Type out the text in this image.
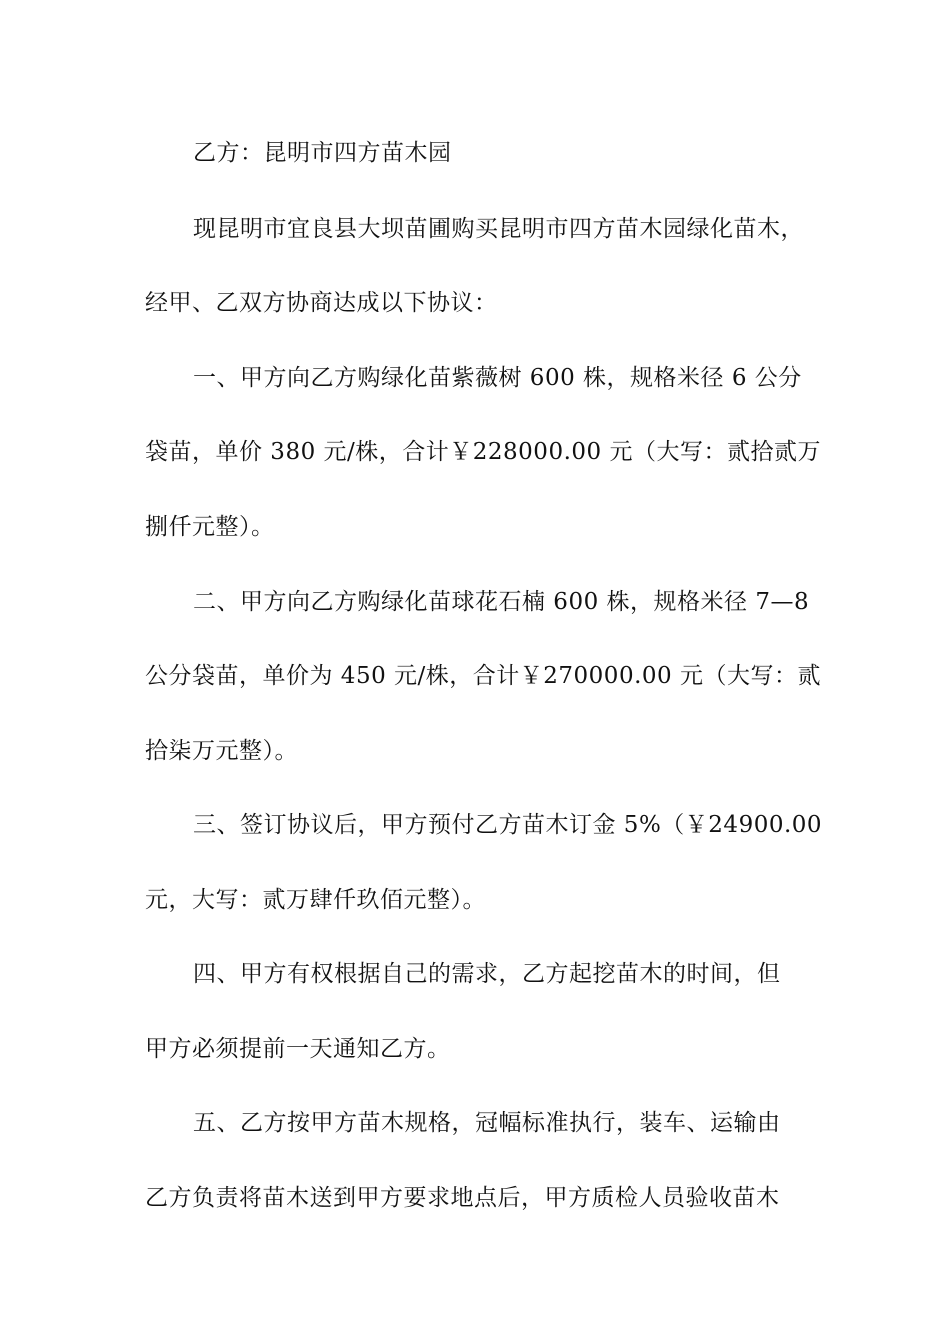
乙方：昆明市四方苗木园
现昆明市宜良县大坝苗圃购买昆明市四方苗木园绿化苗木，
经甲、乙双方协商达成以下协议：
一、甲方向乙方购绿化苗紫薇树 600 株，规格米径 6 公分
袋苗，单价 380 元/株，合计￥228000.00 元（大写：贰拾贰万
捌仟元整）。
二、甲方向乙方购绿化苗球花石楠 600 株，规格米径 7—8
公分袋苗，单价为 450 元/株，合计￥270000.00 元（大写：贰
拾柒万元整）。
三、签订协议后，甲方预付乙方苗木订金 5%（￥24900.00
元，大写：贰万肆仟玖佰元整）。
四、甲方有权根据自己的需求，乙方起挖苗木的时间，但
甲方必须提前一天通知乙方。
五、乙方按甲方苗木规格，冠幅标准执行，装车、运输由
乙方负责将苗木送到甲方要求地点后，甲方质检人员验收苗木
